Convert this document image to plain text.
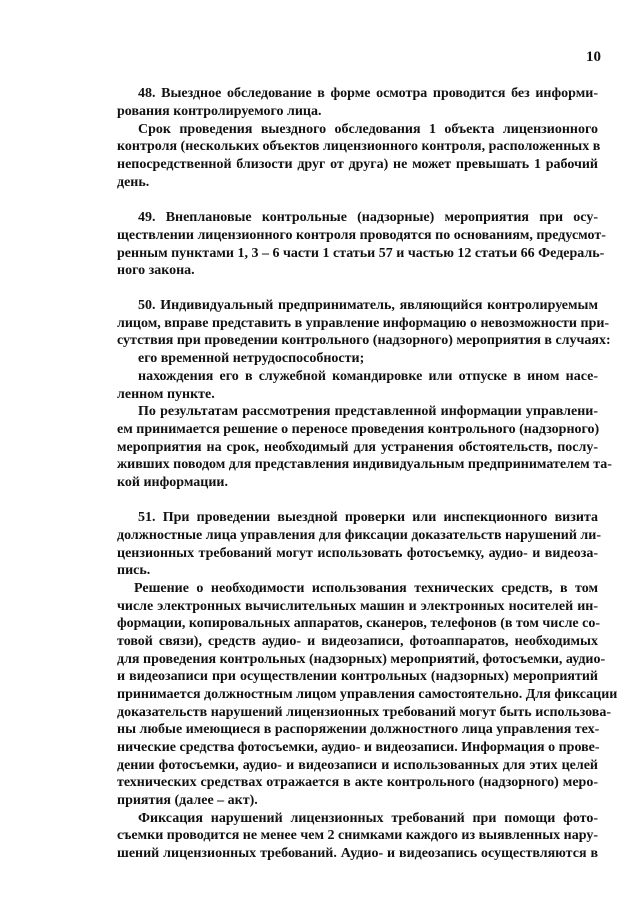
10
48. Выездное обследование в форме осмотра проводится без информи-
рования контролируемого лица.
Срок проведения выездного обследования 1 объекта лицензионного
контроля (нескольких объектов лицензионного контроля, расположенных в
непосредственной близости друг от друга) не может превышать 1 рабочий
день.
49. Внеплановые контрольные (надзорные) мероприятия при осу-
ществлении лицензионного контроля проводятся по основаниям, предусмот-
ренным пунктами 1, 3 – 6 части 1 статьи 57 и частью 12 статьи 66 Федераль-
ного закона.
50. Индивидуальный предприниматель, являющийся контролируемым
лицом, вправе представить в управление информацию о невозможности при-
сутствия при проведении контрольного (надзорного) мероприятия в случаях:
его временной нетрудоспособности;
нахождения его в служебной командировке или отпуске в ином насе-
ленном пункте.
По результатам рассмотрения представленной информации управлени-
ем принимается решение о переносе проведения контрольного (надзорного)
мероприятия на срок, необходимый для устранения обстоятельств, послу-
живших поводом для представления индивидуальным предпринимателем та-
кой информации.
51. При проведении выездной проверки или инспекционного визита
должностные лица управления для фиксации доказательств нарушений ли-
цензионных требований могут использовать фотосъемку, аудио- и видеоза-
пись.
Решение о необходимости использования технических средств, в том
числе электронных вычислительных машин и электронных носителей ин-
формации, копировальных аппаратов, сканеров, телефонов (в том числе со-
товой связи), средств аудио- и видеозаписи, фотоаппаратов, необходимых
для проведения контрольных (надзорных) мероприятий, фотосъемки, аудио-
и видеозаписи при осуществлении контрольных (надзорных) мероприятий
принимается должностным лицом управления самостоятельно. Для фиксации
доказательств нарушений лицензионных требований могут быть использова-
ны любые имеющиеся в распоряжении должностного лица управления тех-
нические средства фотосъемки, аудио- и видеозаписи. Информация о прове-
дении фотосъемки, аудио- и видеозаписи и использованных для этих целей
технических средствах отражается в акте контрольного (надзорного) меро-
приятия (далее – акт).
Фиксация нарушений лицензионных требований при помощи фото-
съемки проводится не менее чем 2 снимками каждого из выявленных нару-
шений лицензионных требований. Аудио- и видеозапись осуществляются в
